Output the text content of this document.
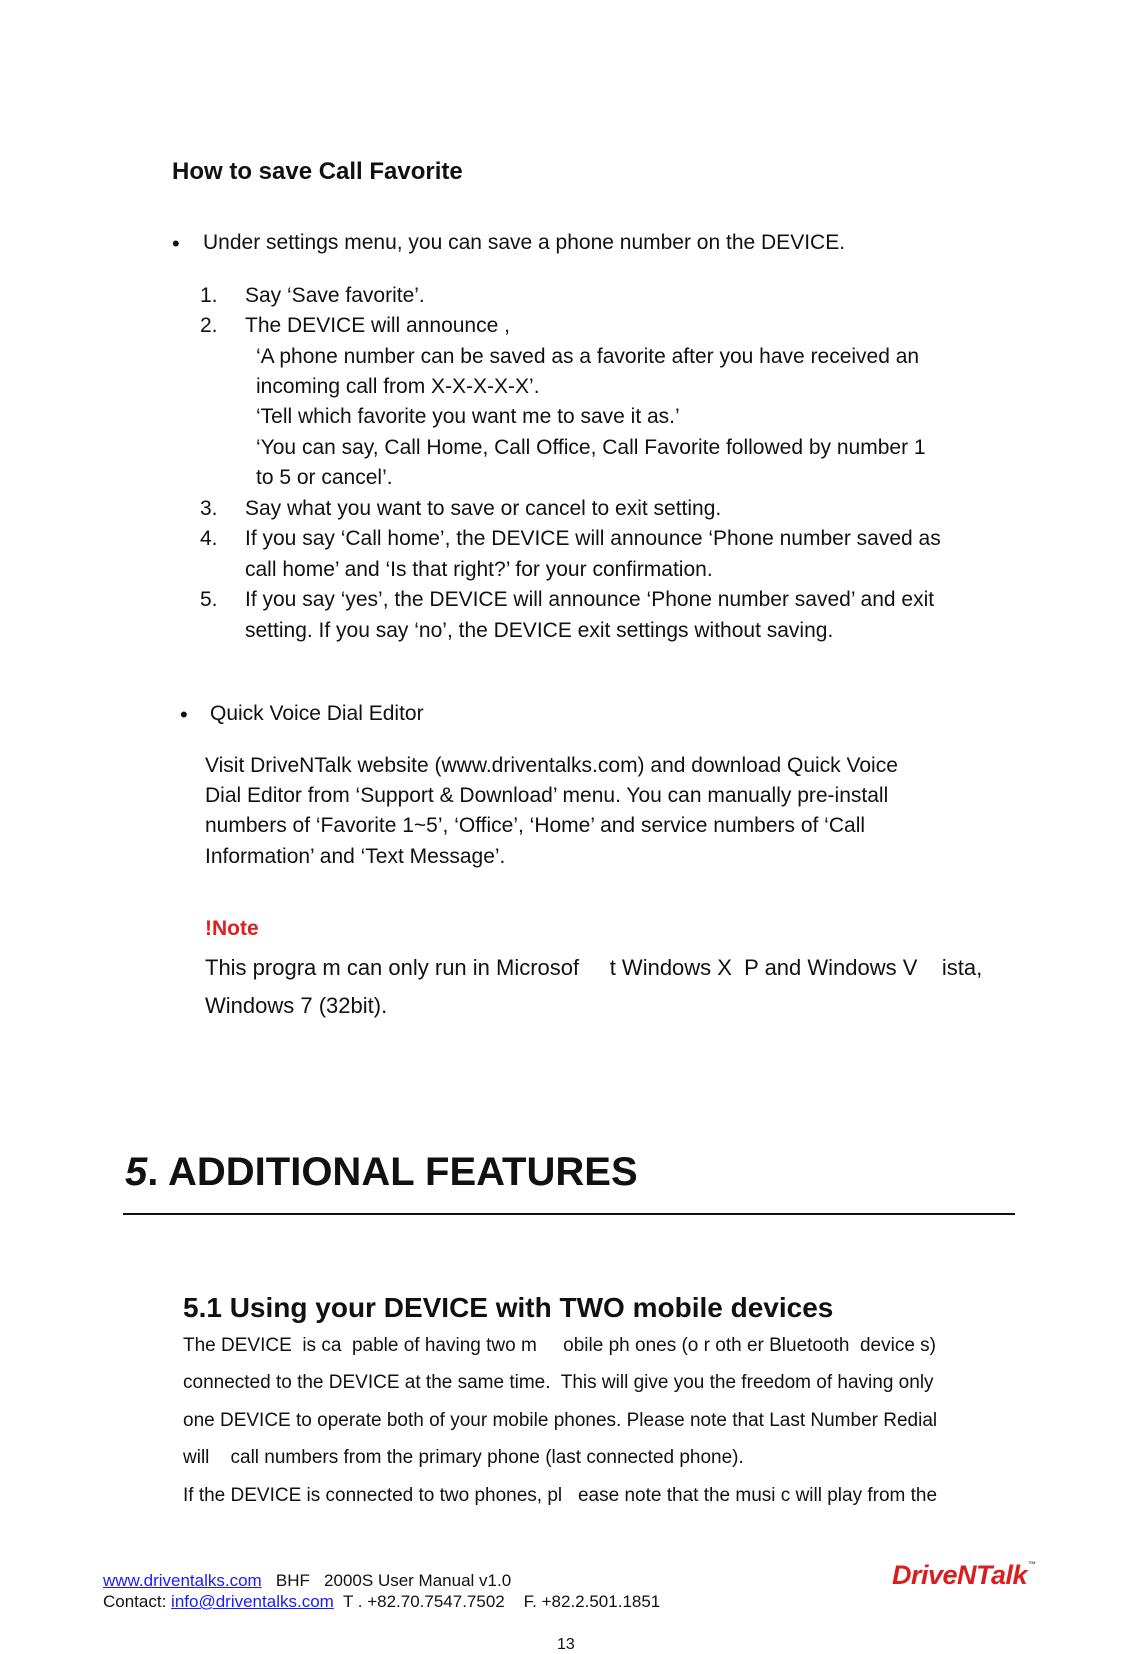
How to save Call Favorite
• Under settings menu, you can save a phone number on the DEVICE.
1. Say ‘Save favorite’.
2. The DEVICE will announce ,
‘A phone number can be saved as a favorite after you have received an
incoming call from X-X-X-X-X’.
‘Tell which favorite you want me to save it as.’
‘You can say, Call Home, Call Office, Call Favorite followed by number 1
to 5 or cancel’.
3. Say what you want to save or cancel to exit setting.
4. If you say ‘Call home’, the DEVICE will announce ‘Phone number saved as
call home’ and ‘Is that right?’ for your confirmation.
5. If you say ‘yes’, the DEVICE will announce ‘Phone number saved’ and exit
setting. If you say ‘no’, the DEVICE exit settings without saving.
• Quick Voice Dial Editor
Visit DriveNTalk website (www.driventalks.com) and download Quick Voice
Dial Editor from ‘Support & Download’ menu. You can manually pre-install
numbers of ‘Favorite 1~5’, ‘Office’, ‘Home’ and service numbers of ‘Call
Information’ and ‘Text Message’.
!Note
This progra m can only run in Microsof     t Windows X  P and Windows V    ista,
Windows 7 (32bit).
5. ADDITIONAL FEATURES
5.1 Using your DEVICE with TWO mobile devices
The DEVICE  is ca  pable of having two m     obile ph ones (o r oth er Bluetooth  device s)
connected to the DEVICE at the same time.  This will give you the freedom of having only
one DEVICE to operate both of your mobile phones. Please note that Last Number Redial
will    call numbers from the primary phone (last connected phone).
If the DEVICE is connected to two phones, pl   ease note that the musi c will play from the
www.driventalks.com BHF   2000S User Manual v1.0
Contact: info@driventalks.com T . +82.70.7547.7502 F. +82.2.501.1851
DriveNTalk™
13
